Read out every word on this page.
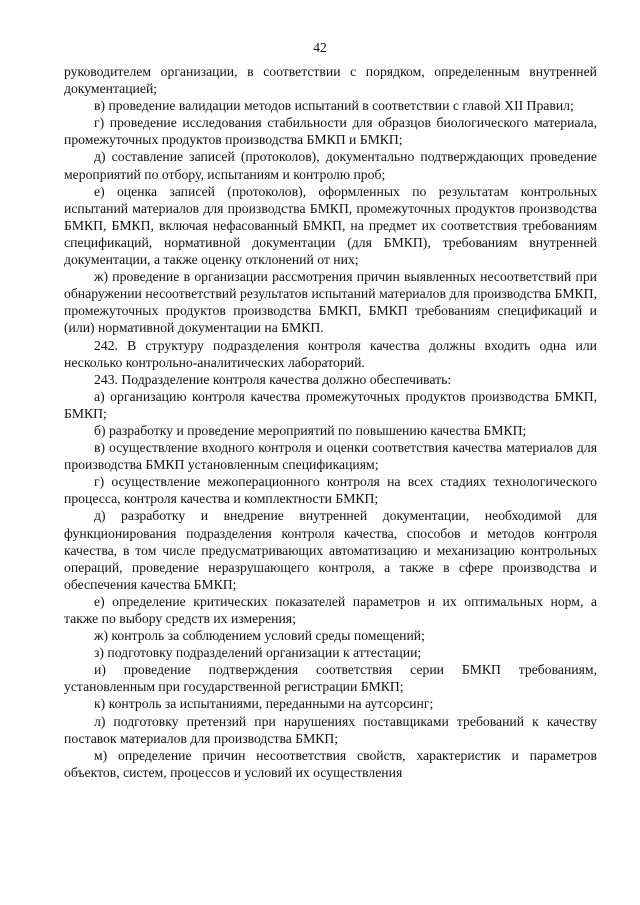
42

руководителем организации, в соответствии с порядком, определенным внутренней документацией;

в) проведение валидации методов испытаний в соответствии с главой XII Правил;

г) проведение исследования стабильности для образцов биологического материала, промежуточных продуктов производства БМКП и БМКП;

д) составление записей (протоколов), документально подтверждающих проведение мероприятий по отбору, испытаниям и контролю проб;

е) оценка записей (протоколов), оформленных по результатам контрольных испытаний материалов для производства БМКП, промежуточных продуктов производства БМКП, БМКП, включая нефасованный БМКП, на предмет их соответствия требованиям спецификаций, нормативной документации (для БМКП), требованиям внутренней документации, а также оценку отклонений от них;

ж) проведение в организации рассмотрения причин выявленных несоответствий при обнаружении несоответствий результатов испытаний материалов для производства БМКП, промежуточных продуктов производства БМКП, БМКП требованиям спецификаций и (или) нормативной документации на БМКП.

242. В структуру подразделения контроля качества должны входить одна или несколько контрольно-аналитических лабораторий.

243. Подразделение контроля качества должно обеспечивать:

а) организацию контроля качества промежуточных продуктов производства БМКП, БМКП;

б) разработку и проведение мероприятий по повышению качества БМКП;

в) осуществление входного контроля и оценки соответствия качества материалов для производства БМКП установленным спецификациям;

г) осуществление межоперационного контроля на всех стадиях технологического процесса, контроля качества и комплектности БМКП;

д) разработку и внедрение внутренней документации, необходимой для функционирования подразделения контроля качества, способов и методов контроля качества, в том числе предусматривающих автоматизацию и механизацию контрольных операций, проведение неразрушающего контроля, а также в сфере производства и обеспечения качества БМКП;

е) определение критических показателей параметров и их оптимальных норм, а также по выбору средств их измерения;

ж) контроль за соблюдением условий среды помещений;

з) подготовку подразделений организации к аттестации;

и) проведение подтверждения соответствия серии БМКП требованиям, установленным при государственной регистрации БМКП;

к) контроль за испытаниями, переданными на аутсорсинг;

л) подготовку претензий при нарушениях поставщиками требований к качеству поставок материалов для производства БМКП;

м) определение причин несоответствия свойств, характеристик и параметров объектов, систем, процессов и условий их осуществления
